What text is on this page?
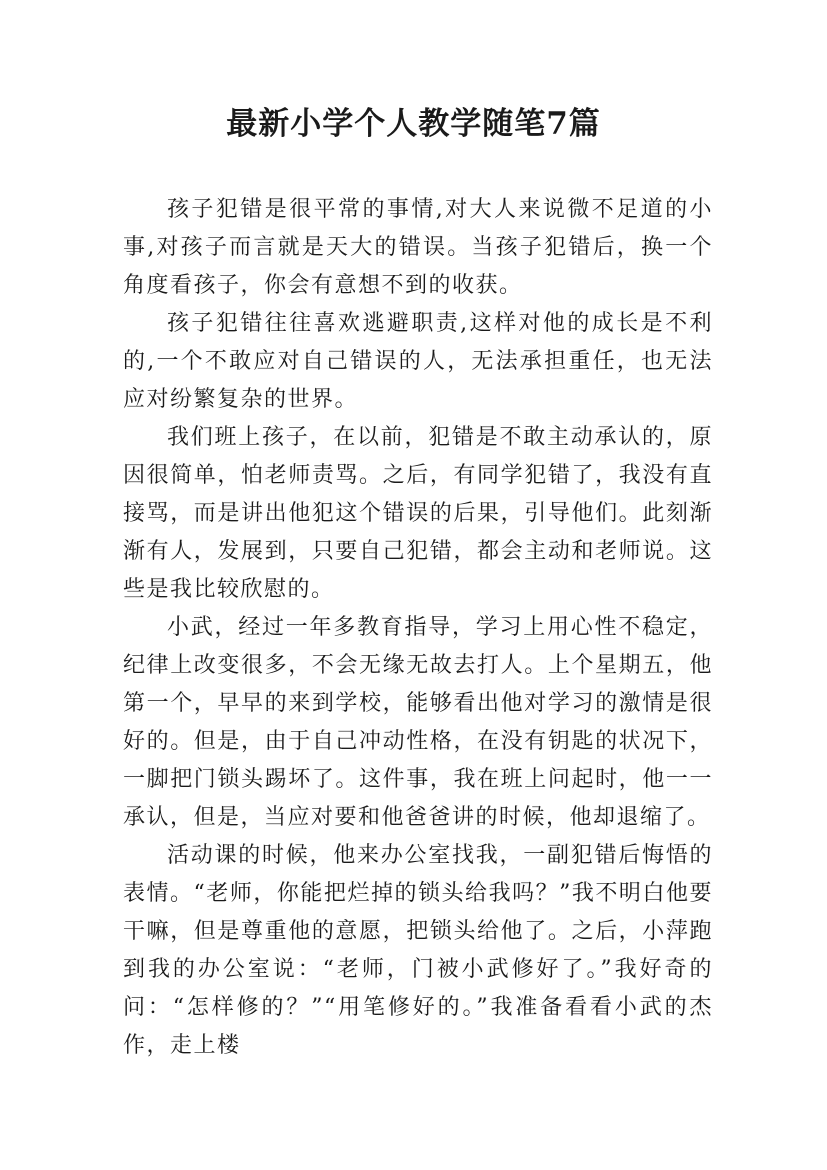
最新小学个人教学随笔7篇

孩子犯错是很平常的事情,对大人来说微不足道的小事,对孩子而言就是天大的错误。当孩子犯错后，换一个角度看孩子，你会有意想不到的收获。

孩子犯错往往喜欢逃避职责,这样对他的成长是不利的,一个不敢应对自己错误的人，无法承担重任，也无法应对纷繁复杂的世界。

我们班上孩子，在以前，犯错是不敢主动承认的，原因很简单，怕老师责骂。之后，有同学犯错了，我没有直接骂，而是讲出他犯这个错误的后果，引导他们。此刻渐渐有人，发展到，只要自己犯错，都会主动和老师说。这些是我比较欣慰的。

小武，经过一年多教育指导，学习上用心性不稳定，纪律上改变很多，不会无缘无故去打人。上个星期五，他第一个，早早的来到学校，能够看出他对学习的激情是很好的。但是，由于自己冲动性格，在没有钥匙的状况下，一脚把门锁头踢坏了。这件事，我在班上问起时，他一一承认，但是，当应对要和他爸爸讲的时候，他却退缩了。

活动课的时候，他来办公室找我，一副犯错后悔悟的表情。“老师，你能把烂掉的锁头给我吗？”我不明白他要干嘛，但是尊重他的意愿，把锁头给他了。之后，小萍跑到我的办公室说：“老师，门被小武修好了。”我好奇的问：“怎样修的？”“用笔修好的。”我准备看看小武的杰作，走上楼
